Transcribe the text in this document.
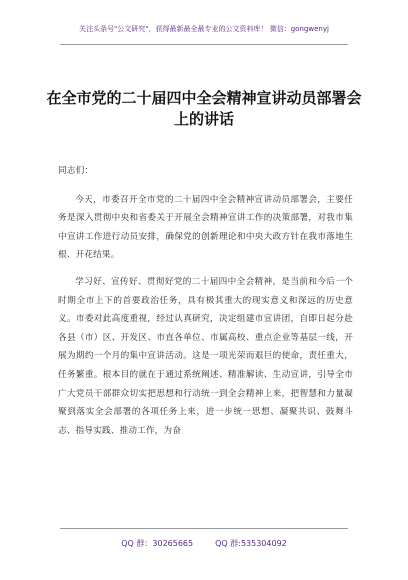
关注头条号"公文研究"，获得最新最全最专业的公文资料库！ 微信：gongwenyj
在全市党的二十届四中全会精神宣讲动员部署会上的讲话

同志们：

今天，市委召开全市党的二十届四中全会精神宣讲动员部署会，主要任务是深入贯彻中央和省委关于开展全会精神宣讲工作的决策部署，对我市集中宣讲工作进行动员安排，确保党的创新理论和中央大政方针在我市落地生根、开花结果。

学习好、宣传好、贯彻好党的二十届四中全会精神，是当前和今后一个时期全市上下的首要政治任务，具有极其重大的现实意义和深远的历史意义。市委对此高度重视，经过认真研究，决定组建市宣讲团，自即日起分赴各县（市）区、开发区、市直各单位、市属高校、重点企业等基层一线，开展为期约一个月的集中宣讲活动。这是一项光荣而艰巨的使命，责任重大，任务繁重。根本目的就在于通过系统阐述、精准解读、生动宣讲，引导全市广大党员干部群众切实把思想和行动统一到全会精神上来，把智慧和力量凝聚到落实全会部署的各项任务上来，进一步统一思想、凝聚共识、鼓舞斗志、指导实践、推动工作，为奋

QQ 群：30265665	QQ 群:535304092
